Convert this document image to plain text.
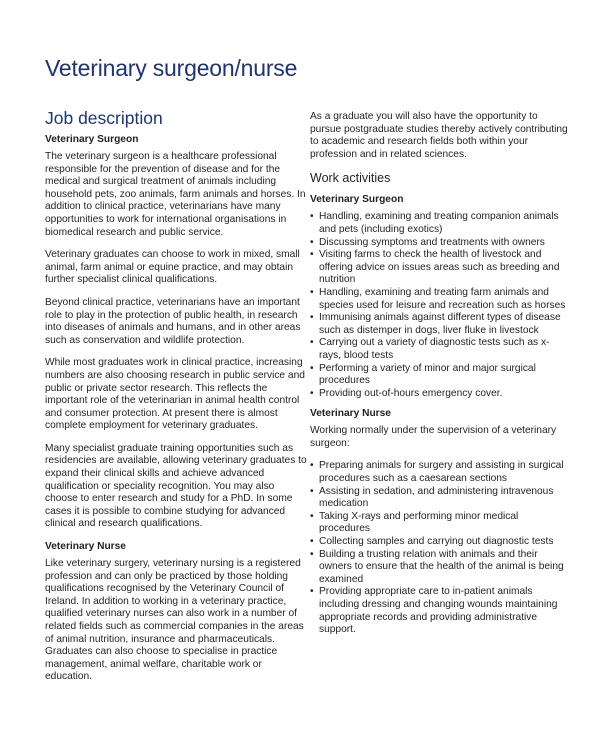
Veterinary surgeon/nurse
Job description
Veterinary Surgeon

The veterinary surgeon is a healthcare professional responsible for the prevention of disease and for the medical and surgical treatment of animals including household pets, zoo animals, farm animals and horses. In addition to clinical practice, veterinarians have many opportunities to work for international organisations in biomedical research and public service.

Veterinary graduates can choose to work in mixed, small animal, farm animal or equine practice, and may obtain further specialist clinical qualifications.

Beyond clinical practice, veterinarians have an important role to play in the protection of public health, in research into diseases of animals and humans, and in other areas such as conservation and wildlife protection.

While most graduates work in clinical practice, increasing numbers are also choosing research in public service and public or private sector research. This reflects the important role of the veterinarian in animal health control and consumer protection. At present there is almost complete employment for veterinary graduates.

Many specialist graduate training opportunities such as residencies are available, allowing veterinary graduates to expand their clinical skills and achieve advanced qualification or speciality recognition. You may also choose to enter research and study for a PhD. In some cases it is possible to combine studying for advanced clinical and research qualifications.

Veterinary Nurse

Like veterinary surgery, veterinary nursing is a registered profession and can only be practiced by those holding qualifications recognised by the Veterinary Council of Ireland. In addition to working in a veterinary practice, qualified veterinary nurses can also work in a number of related fields such as commercial companies in the areas of animal nutrition, insurance and pharmaceuticals. Graduates can also choose to specialise in practice management, animal welfare, charitable work or education.

As a graduate you will also have the opportunity to pursue postgraduate studies thereby actively contributing to academic and research fields both within your profession and in related sciences.

Work activities
Veterinary Surgeon
• Handling, examining and treating companion animals and pets (including exotics)
• Discussing symptoms and treatments with owners
• Visiting farms to check the health of livestock and offering advice on issues areas such as breeding and nutrition
• Handling, examining and treating farm animals and species used for leisure and recreation such as horses
• Immunising animals against different types of disease such as distemper in dogs, liver fluke in livestock
• Carrying out a variety of diagnostic tests such as x-rays, blood tests
• Performing a variety of minor and major surgical procedures
• Providing out-of-hours emergency cover.
Veterinary Nurse

Working normally under the supervision of a veterinary surgeon:

• Preparing animals for surgery and assisting in surgical procedures such as a caesarean sections
• Assisting in sedation, and administering intravenous medication
• Taking X-rays and performing minor medical procedures
• Collecting samples and carrying out diagnostic tests
• Building a trusting relation with animals and their owners to ensure that the health of the animal is being examined
• Providing appropriate care to in-patient animals including dressing and changing wounds maintaining appropriate records and providing administrative support.
